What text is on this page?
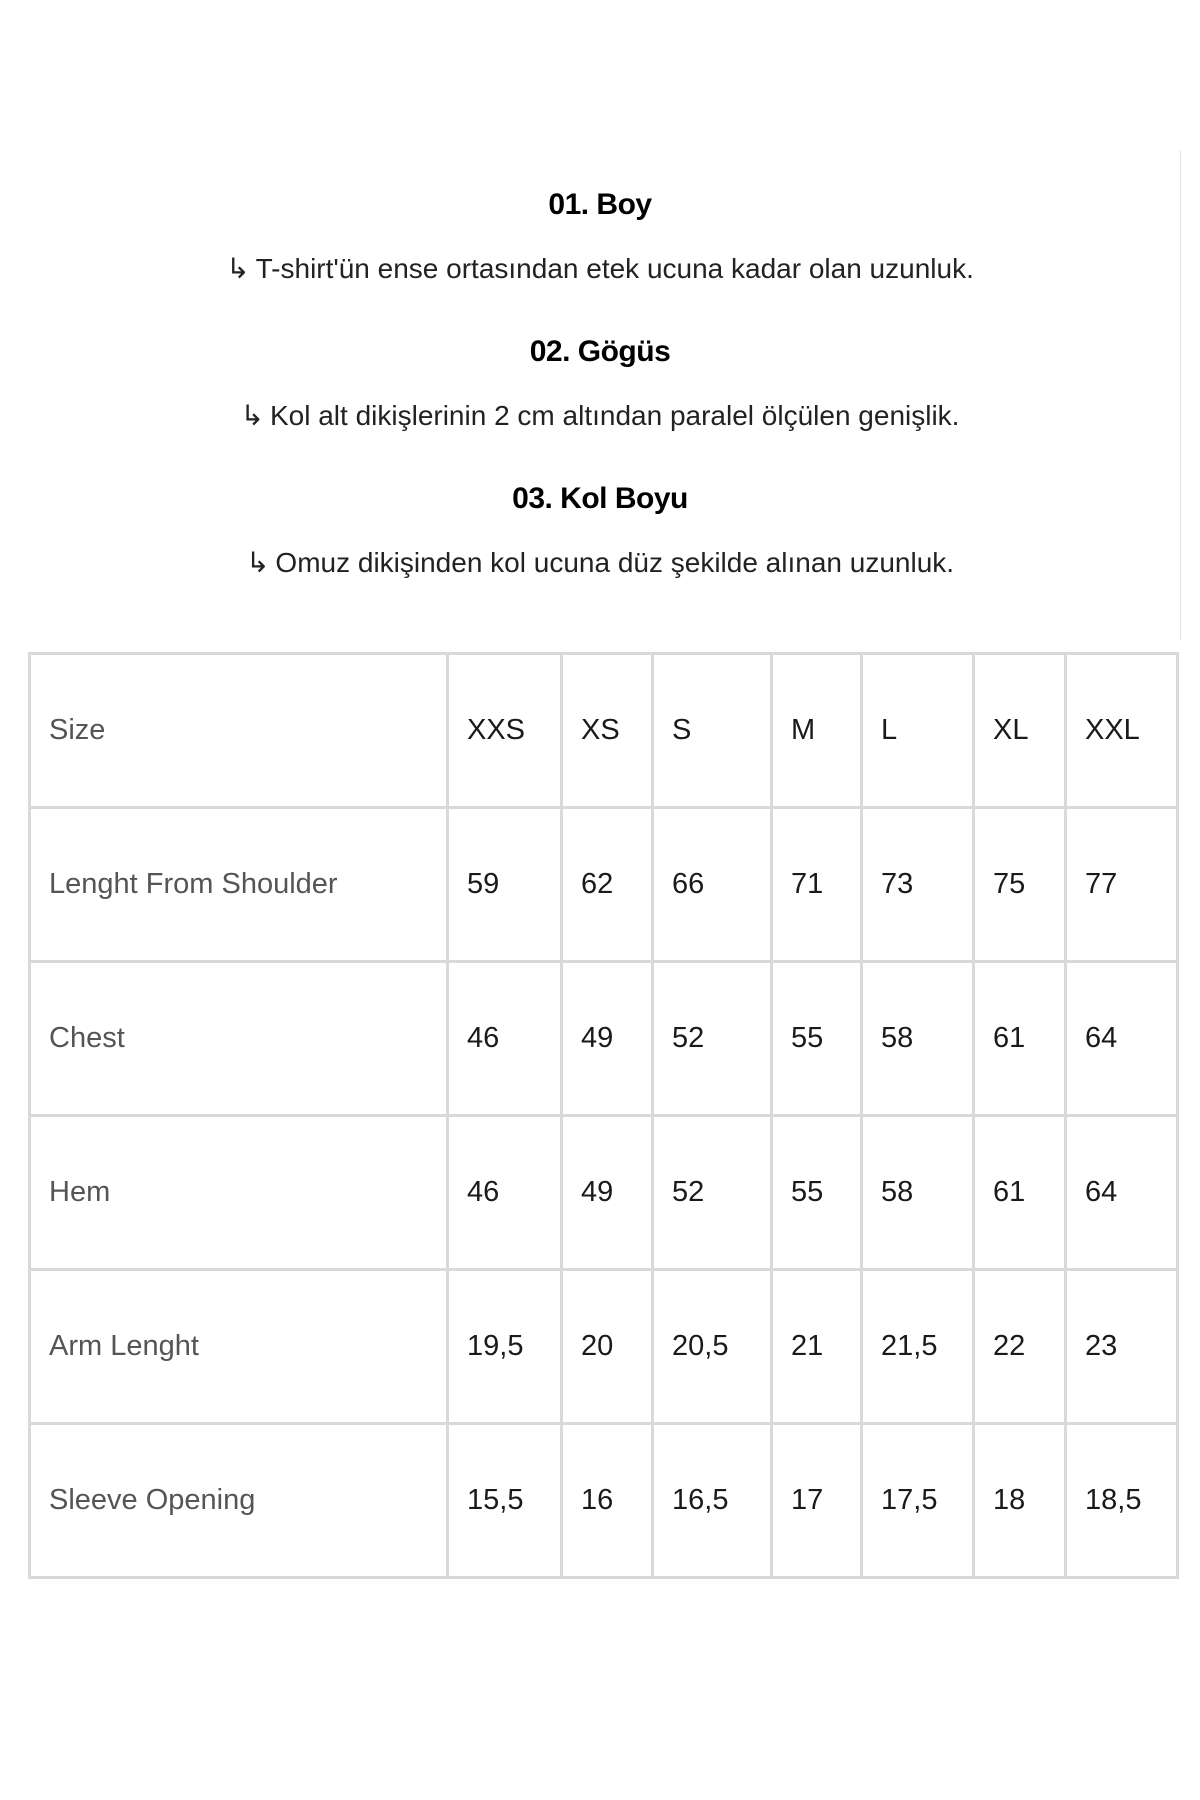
01. Boy
↳ T-shirt'ün ense ortasından etek ucuna kadar olan uzunluk.
02. Gögüs
↳ Kol alt dikişlerinin 2 cm altından paralel ölçülen genişlik.
03. Kol Boyu
↳ Omuz dikişinden kol ucuna düz şekilde alınan uzunluk.
Size	XXS	XS	S	M	L	XL	XXL
Lenght From Shoulder	59	62	66	71	73	75	77
Chest	46	49	52	55	58	61	64
Hem	46	49	52	55	58	61	64
Arm Lenght	19,5	20	20,5	21	21,5	22	23
Sleeve Opening	15,5	16	16,5	17	17,5	18	18,5
